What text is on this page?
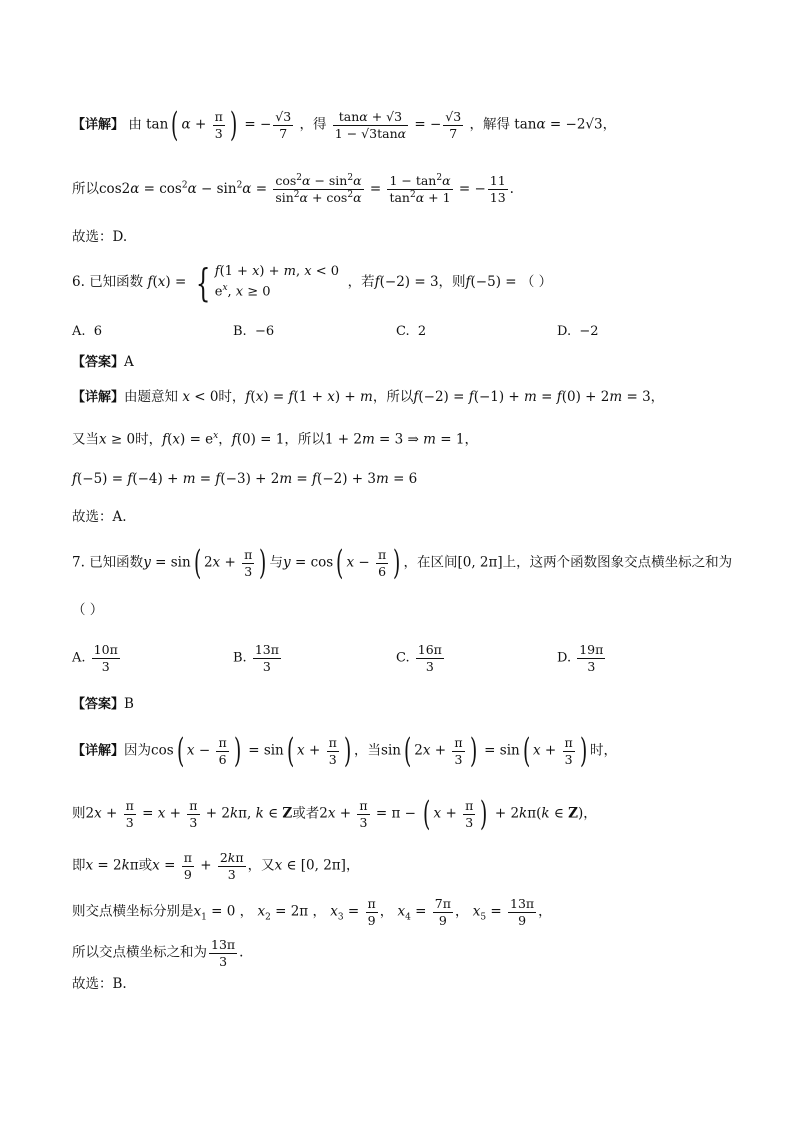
【详解】 由 tan( $\alpha + \frac{\pi}{3}$ ) = − $\frac{√3}{7}$ ，得 $\frac{\tan\alpha + √3}{1 - √3\tan\alpha}$ = − $\frac{√3}{7}$ ，解得 tanα = −2√3，
所以$\cos 2\alpha = \cos^2\alpha - \sin^2\alpha = \frac{\cos^2\alpha - \sin^2\alpha}{\sin^2\alpha + \cos^2\alpha} = \frac{1 - \tan^2\alpha}{\tan^2\alpha + 1}$ = − $\frac{11}{13}$ .
故选：D.
6. 已知函数 f(x) = { f(1 + x) + m, x < 0
$e^x$, x ≥ 0  ，若f(−2) = 3，则f(−5) = （ ）
A. 6	B. −6	C. 2	D. −2
【答案】A
【详解】由题意知 x < 0时，f(x) = f(1 + x) + m，所以f(−2) = f(−1) + m = f(0) + 2m = 3，
又当x ≥ 0时，$f(x) = e^x$，f(0) = 1，所以1 + 2m = 3 ⇒ m = 1，
f(−5) = f(−4) + m = f(−3) + 2m = f(−2) + 3m = 6
故选：A.
7. 已知函数y = sin( $2x + \frac{\pi}{3}$ ) 与y = cos( $x - \frac{\pi}{6}$ ) ，在区间[0, 2π]上，这两个函数图象交点横坐标之和为
（ ）
A. $\frac{10\pi}{3}$	B. $\frac{13\pi}{3}$	C. $\frac{16\pi}{3}$	D. $\frac{19\pi}{3}$
【答案】B
【详解】因为cos( $x - \frac{\pi}{6}$ ) = sin( $x + \frac{\pi}{3}$ ) ，当sin( $2x + \frac{\pi}{3}$ ) = sin( $x + \frac{\pi}{3}$ ) 时，
则$2x + \frac{\pi}{3} = x + \frac{\pi}{3} + 2k\pi$, k ∈ Z或者$2x + \frac{\pi}{3} = \pi$ − ( $x + \frac{\pi}{3}$ ) + 2kπ(k ∈ Z)，
即x = 2kπ或$x = \frac{\pi}{9} + \frac{2k\pi}{3}$ ，又x ∈ [0, 2π]，
则交点横坐标分别是$x_1 = 0$ ， $x_2 = 2\pi$ ， $x_3 = \frac{\pi}{9}$ ， $x_4 = \frac{7\pi}{9}$ ， $x_5 = \frac{13\pi}{9}$ ，
所以交点横坐标之和为 $\frac{13\pi}{3}$ .
故选：B.
